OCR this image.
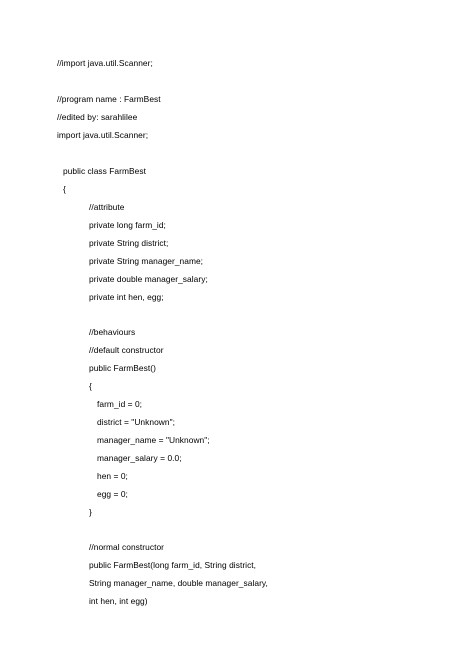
//import java.util.Scanner;
//program name : FarmBest
//edited by: sarahlilee
import java.util.Scanner;
public class FarmBest
{
//attribute
private long farm_id;
private String district;
private String manager_name;
private double manager_salary;
private int hen, egg;
//behaviours
//default constructor
public FarmBest()
{
farm_id = 0;
district = "Unknown";
manager_name = "Unknown";
manager_salary = 0.0;
hen = 0;
egg = 0;
}
//normal constructor
public FarmBest(long farm_id, String district,
String manager_name, double manager_salary,
int hen, int egg)
